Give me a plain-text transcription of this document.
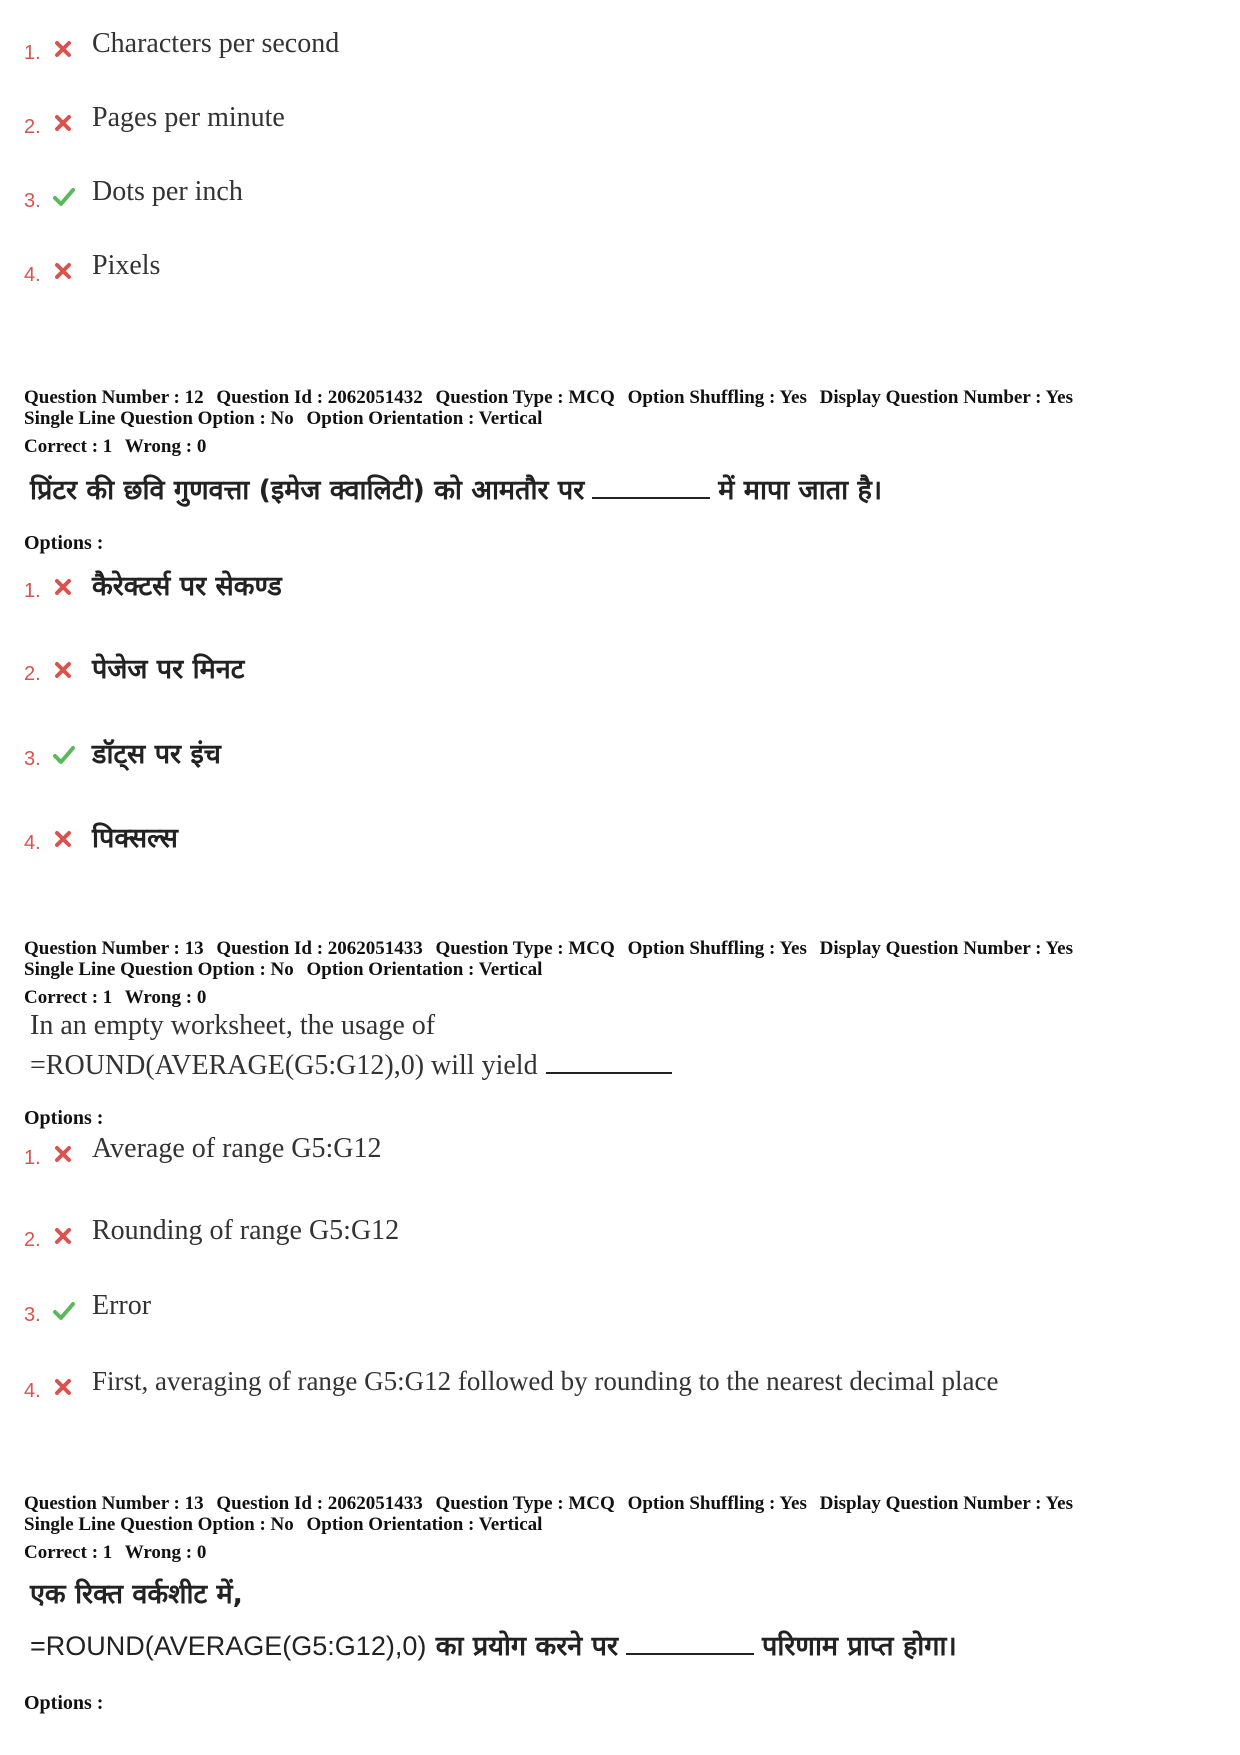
1. Characters per second
2. Pages per minute
3. Dots per inch
4. Pixels
Question Number : 12 Question Id : 2062051432 Question Type : MCQ Option Shuffling : Yes Display Question Number : Yes
Single Line Question Option : No Option Orientation : Vertical
Correct : 1 Wrong : 0
प्रिंटर की छवि गुणवत्ता (इमेज क्वालिटी) को आमतौर पर	में मापा जाता है।
Options :
1. कैरेक्टर्स पर सेकण्ड
2. पेजेज पर मिनट
3. डॉट्स पर इंच
4. पिक्सल्स
Question Number : 13 Question Id : 2062051433 Question Type : MCQ Option Shuffling : Yes Display Question Number : Yes
Single Line Question Option : No Option Orientation : Vertical
Correct : 1 Wrong : 0
In an empty worksheet, the usage of
=ROUND(AVERAGE(G5:G12),0) will yield
Options :
1. Average of range G5:G12
2. Rounding of range G5:G12
3. Error
4. First, averaging of range G5:G12 followed by rounding to the nearest decimal place
Question Number : 13 Question Id : 2062051433 Question Type : MCQ Option Shuffling : Yes Display Question Number : Yes
Single Line Question Option : No Option Orientation : Vertical
Correct : 1 Wrong : 0
एक रिक्त वर्कशीट में,
=ROUND(AVERAGE(G5:G12),0) का प्रयोग करने पर	परिणाम प्राप्त होगा।
Options :
